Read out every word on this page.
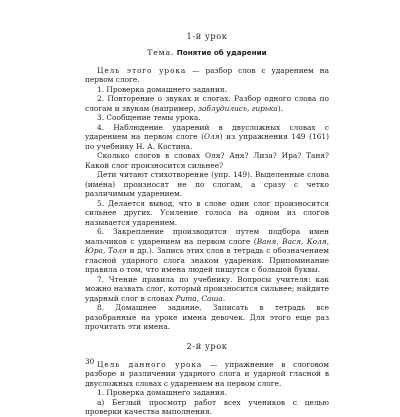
1-й урок
Тема. Понятие об ударении

Цель этого урока — разбор слов с ударением на первом слоге.

1. Проверка домашнего задания.

2. Повторение о звуках и слогах. Разбор одного слова по слогам и звукам (например, заблудились, гирька).

3. Сообщение темы урока.

4. Наблюдение ударений в двусложных словах с ударением на первом слоге (Оля) из упражнения 149 (161) по учебнику Н. А. Костина.

Сколько слогов в словах Оля? Аня? Лиза? Ира? Таня? Какой слог произносится сильнее?

Дети читают стихотворение (упр. 149). Выделенные слова (имена) произносят не по слогам, а сразу с четко различимым ударением.

5. Делается вывод, что в слове один слог произносится сильнее других. Усиление голоса на одном из слогов называется ударением.

6. Закрепление производится путем подбора имен мальчиков с ударением на первом слоге (Ваня, Вася, Коля, Юра, Толя и др.). Запись этих слов в тетрадь с обозначением гласной ударного слога знаком ударения. Припоминание правила о том, что имена людей пишутся с большой буквы.

7. Чтение правила по учебнику. Вопросы учителя: как можно назвать слог, который произносится сильнее; найдите ударный слог в словах Рита, Саша.

8. Домашнее задание. Записать в тетрадь все разобранные на уроке имена девочек. Для этого еще раз прочитать эти имена.

2-й урок

Цель данного урока — упражнение в слоговом разборе и различении ударного слога и ударной гласной в двусложных словах с ударением на первом слоге.

1. Проверка домашнего задания.

а) Беглый просмотр работ всех учеников с целью проверки качества выполнения.

30
